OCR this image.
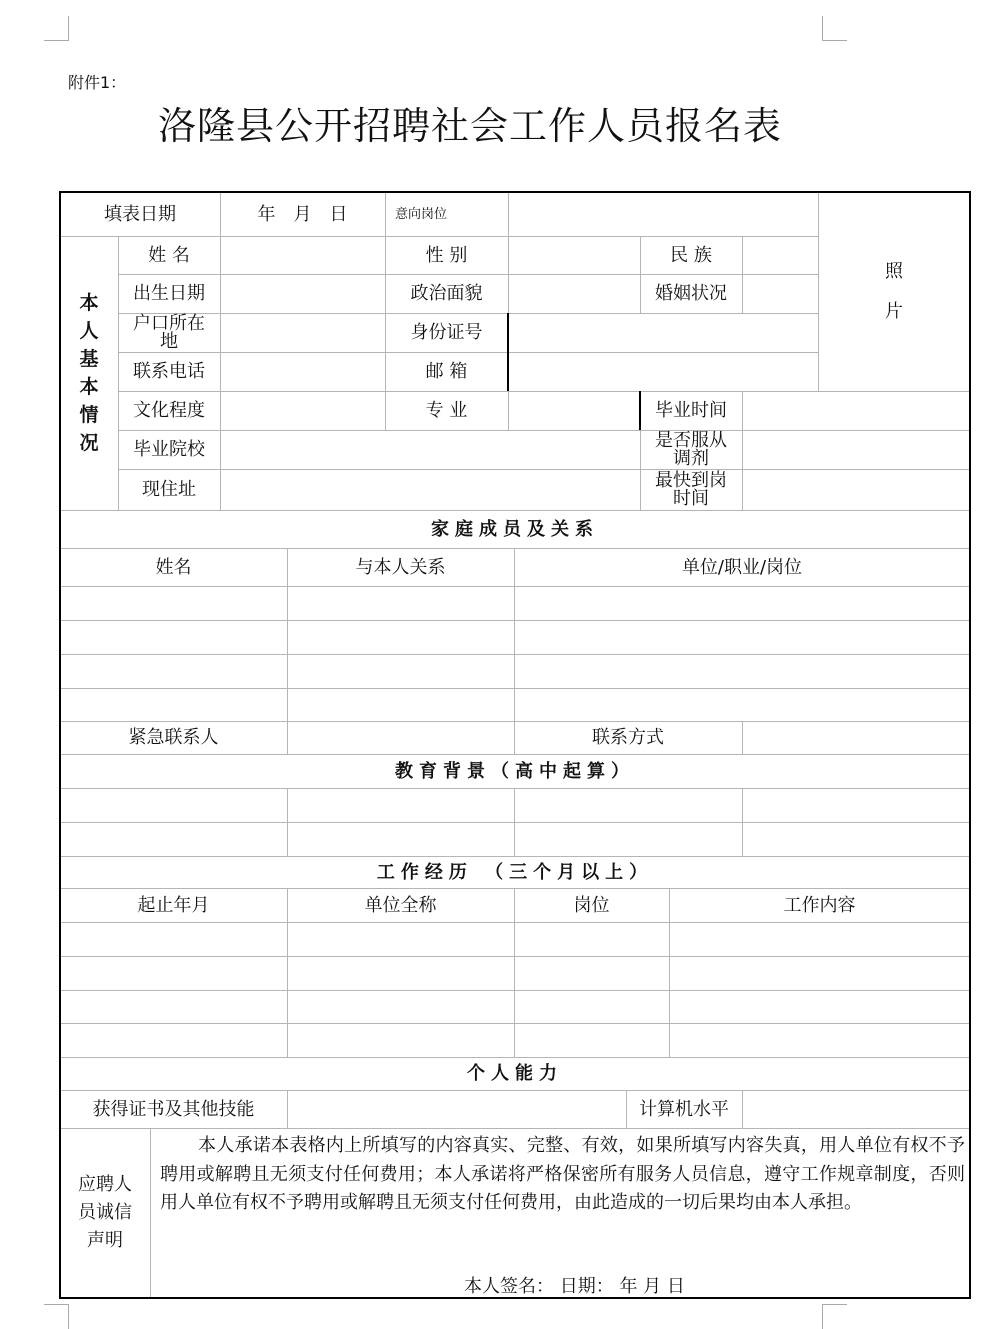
附件1：
洛隆县公开招聘社会工作人员报名表
填表日期	年　月　日	意向岗位
照 片
本人基本情况
姓 名	性 别	民 族
出生日期	政治面貌	婚姻状况
户口所在地	身份证号
联系电话	邮 箱
文化程度	专 业	毕业时间
毕业院校	是否服从调剂
现住址	最快到岗时间
家庭成员及关系
姓名	与本人关系	单位/职业/岗位
紧急联系人	联系方式
教育背景（高中起算）
工作经历 （三个月以上）
起止年月	单位全称	岗位	工作内容
个人能力
获得证书及其他技能	计算机水平
应聘人员诚信声明
本人承诺本表格内上所填写的内容真实、完整、有效，如果所填写内容失真，用人单位有权不予聘用或解聘且无须支付任何费用；本人承诺将严格保密所有服务人员信息，遵守工作规章制度，否则用人单位有权不予聘用或解聘且无须支付任何费用，由此造成的一切后果均由本人承担。
本人签名： 日期： 年 月 日
